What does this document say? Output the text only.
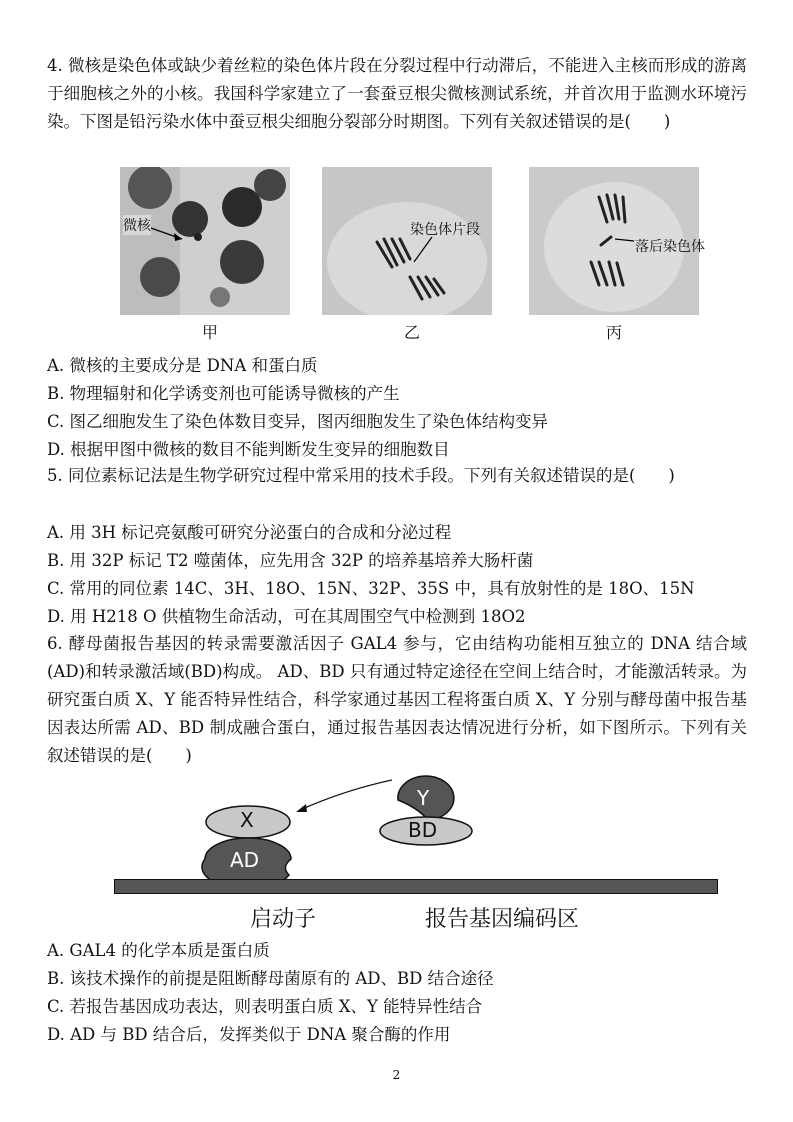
4. 微核是染色体或缺少着丝粒的染色体片段在分裂过程中行动滞后，不能进入主核而形成的游离于细胞核之外的小核。我国科学家建立了一套蚕豆根尖微核测试系统，并首次用于监测水环境污染。下图是铅污染水体中蚕豆根尖细胞分裂部分时期图。下列有关叙述错误的是(　　)
微核	染色体片段
落后染色体
甲	乙	丙
A. 微核的主要成分是 DNA 和蛋白质
B. 物理辐射和化学诱变剂也可能诱导微核的产生
C. 图乙细胞发生了染色体数目变异，图丙细胞发生了染色体结构变异
D. 根据甲图中微核的数目不能判断发生变异的细胞数目
5. 同位素标记法是生物学研究过程中常采用的技术手段。下列有关叙述错误的是(　　)
A. 用 3H 标记亮氨酸可研究分泌蛋白的合成和分泌过程
B. 用 32P 标记 T2 噬菌体，应先用含 32P 的培养基培养大肠杆菌
C. 常用的同位素 14C、3H、18O、15N、32P、35S 中，具有放射性的是 18O、15N
D. 用 H218 O 供植物生命活动，可在其周围空气中检测到 18O2
6. 酵母菌报告基因的转录需要激活因子 GAL4 参与，它由结构功能相互独立的 DNA 结合域(AD)和转录激活域(BD)构成。 AD、BD 只有通过特定途径在空间上结合时，才能激活转录。为研究蛋白质 X、Y 能否特异性结合，科学家通过基因工程将蛋白质 X、Y 分别与酵母菌中报告基因表达所需 AD、BD 制成融合蛋白，通过报告基因表达情况进行分析，如下图所示。下列有关叙述错误的是(　　)
X
AD
Y
BD
启动子	报告基因编码区
A. GAL4 的化学本质是蛋白质
B. 该技术操作的前提是阻断酵母菌原有的 AD、BD 结合途径
C. 若报告基因成功表达，则表明蛋白质 X、Y 能特异性结合
D. AD 与 BD 结合后，发挥类似于 DNA 聚合酶的作用
2
